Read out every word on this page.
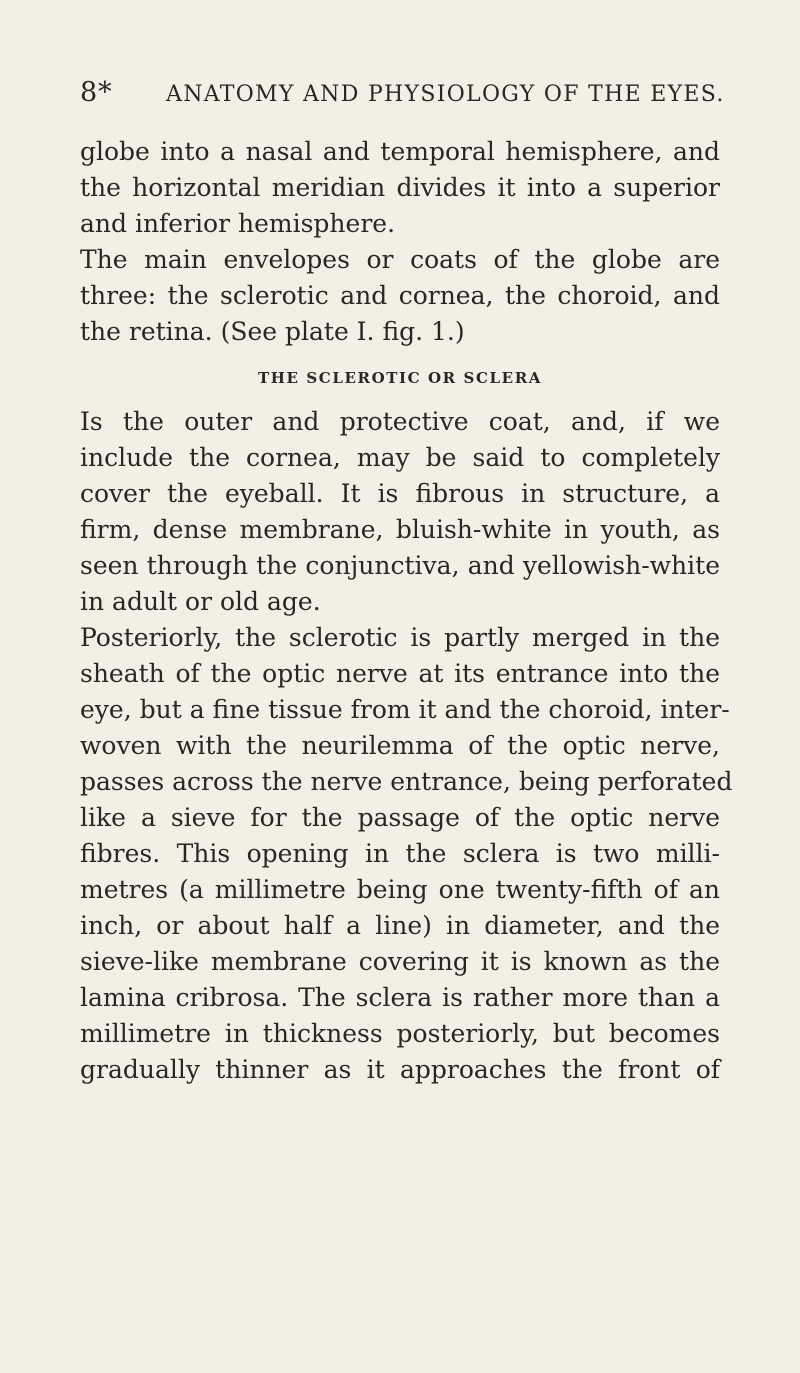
8* ANATOMY AND PHYSIOLOGY OF THE EYES.
globe into a nasal and temporal hemisphere, and
the horizontal meridian divides it into a superior
and inferior hemisphere.
The main envelopes or coats of the globe are
three: the sclerotic and cornea, the choroid, and
the retina. (See plate I. fig. 1.)
THE SCLEROTIC OR SCLERA
Is the outer and protective coat, and, if we
include the cornea, may be said to completely
cover the eyeball. It is fibrous in structure, a
firm, dense membrane, bluish-white in youth, as
seen through the conjunctiva, and yellowish-white
in adult or old age.
Posteriorly, the sclerotic is partly merged in the
sheath of the optic nerve at its entrance into the
eye, but a fine tissue from it and the choroid, inter-
woven with the neurilemma of the optic nerve,
passes across the nerve entrance, being perforated
like a sieve for the passage of the optic nerve
fibres. This opening in the sclera is two milli-
metres (a millimetre being one twenty-fifth of an
inch, or about half a line) in diameter, and the
sieve-like membrane covering it is known as the
lamina cribrosa. The sclera is rather more than a
millimetre in thickness posteriorly, but becomes
gradually thinner as it approaches the front of
